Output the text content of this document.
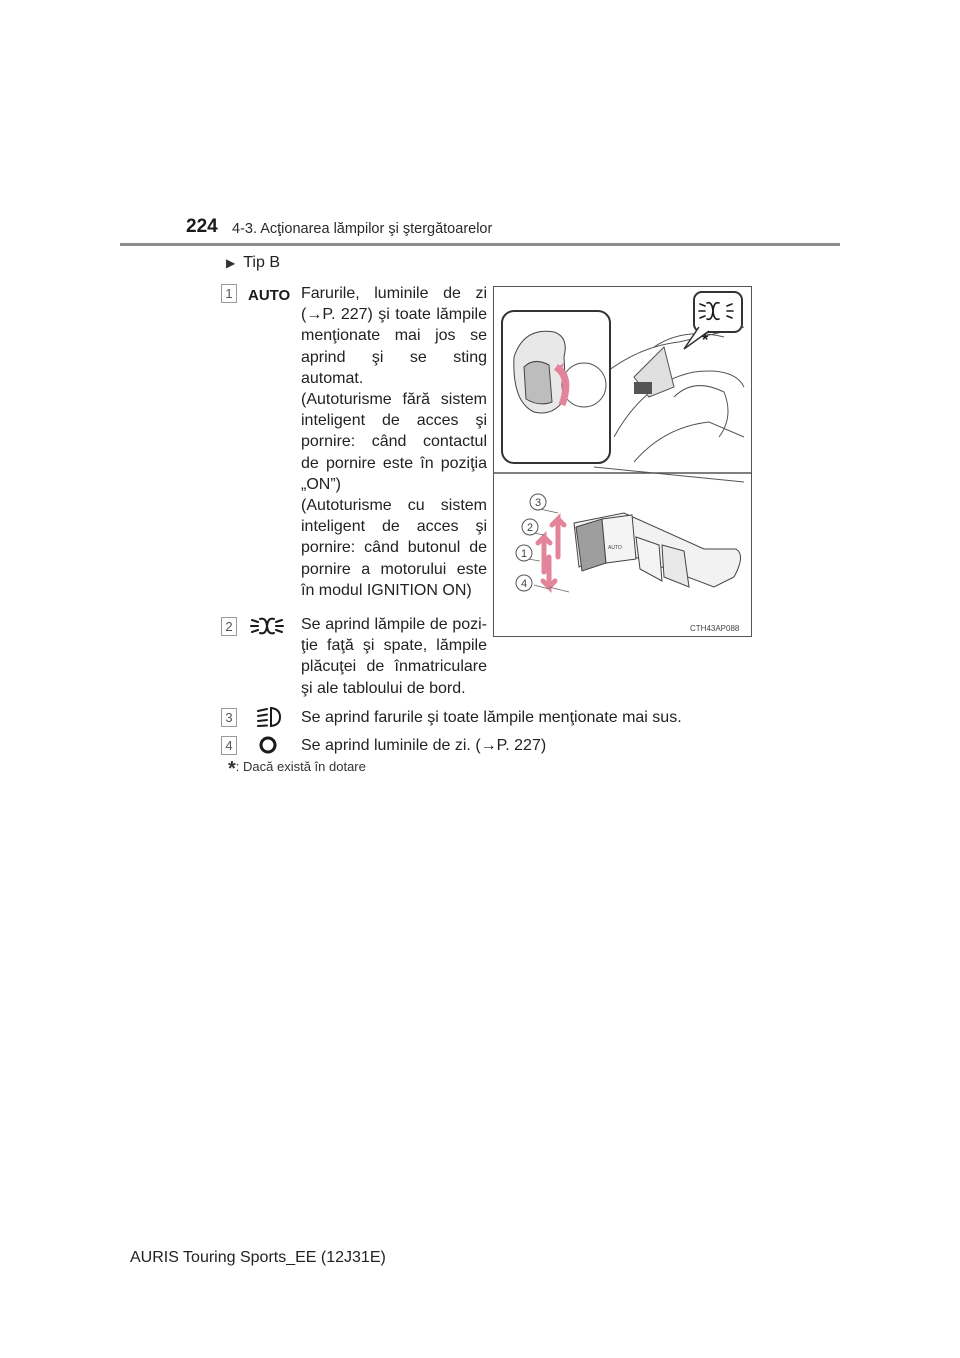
224 4-3. Acţionarea lămpilor şi ştergătoarelor
▶ Tip B
1 AUTO Farurile, luminile de zi
(→P. 227) şi toate lămpile
menţionate mai jos se
aprind şi se sting
automat.
(Autoturisme fără sistem
inteligent de acces şi
pornire: când contactul
de pornire este în poziţia
„ON”)
(Autoturisme cu sistem
inteligent de acces şi
pornire: când butonul de
pornire a motorului este
în modul IGNITION ON)
2	Se aprind lămpile de pozi-
ţie faţă şi spate, lămpile
plăcuţei de înmatriculare
şi ale tabloului de bord.
3	Se aprind farurile şi toate lămpile menţionate mai sus.
4	Se aprind luminile de zi. (→P. 227)
*
AUTO
3
2
1
4
CTH43AP088
*: Dacă există în dotare
AURIS Touring Sports_EE (12J31E)
